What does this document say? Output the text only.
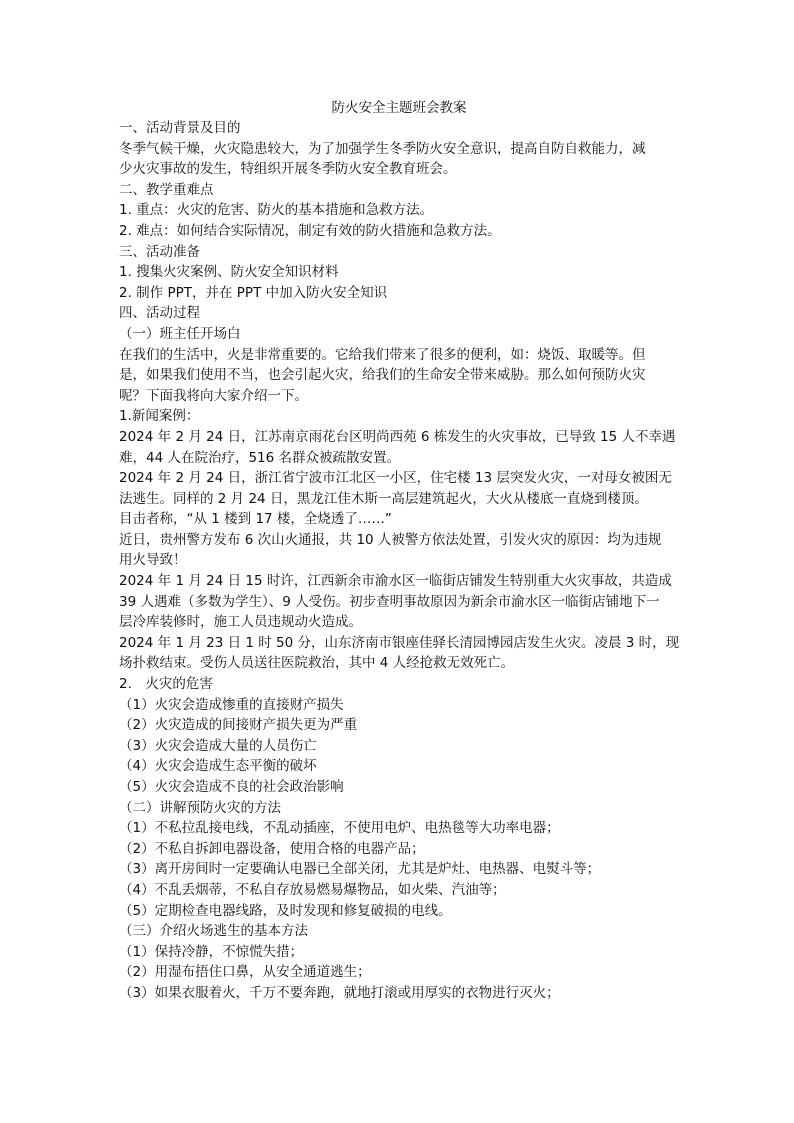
防火安全主题班会教案
一、活动背景及目的
冬季气候干燥，火灾隐患较大，为了加强学生冬季防火安全意识，提高自防自救能力，减
少火灾事故的发生，特组织开展冬季防火安全教育班会。
二、教学重难点
1. 重点：火灾的危害、防火的基本措施和急救方法。
2. 难点：如何结合实际情况，制定有效的防火措施和急救方法。
三、活动准备
1. 搜集火灾案例、防火安全知识材料
2. 制作 PPT，并在 PPT 中加入防火安全知识
四、活动过程
（一）班主任开场白
在我们的生活中，火是非常重要的。它给我们带来了很多的便利，如：烧饭、取暖等。但
是，如果我们使用不当，也会引起火灾，给我们的生命安全带来威胁。那么如何预防火灾
呢？下面我将向大家介绍一下。
1.新闻案例：
2024 年 2 月 24 日，江苏南京雨花台区明尚西苑 6 栋发生的火灾事故，已导致 15 人不幸遇
难，44 人在院治疗，516 名群众被疏散安置。
2024 年 2 月 24 日，浙江省宁波市江北区一小区，住宅楼 13 层突发火灾，一对母女被困无
法逃生。同样的 2 月 24 日，黑龙江佳木斯一高层建筑起火，大火从楼底一直烧到楼顶。
目击者称，“从 1 楼到 17 楼，全烧透了……”
近日，贵州警方发布 6 次山火通报，共 10 人被警方依法处置，引发火灾的原因：均为违规
用火导致！
2024 年 1 月 24 日 15 时许，江西新余市渝水区一临街店铺发生特别重大火灾事故，共造成
39 人遇难（多数为学生）、9 人受伤。初步查明事故原因为新余市渝水区一临街店铺地下一
层冷库装修时，施工人员违规动火造成。
2024 年 1 月 23 日 1 时 50 分，山东济南市银座佳驿长清园博园店发生火灾。凌晨 3 时，现
场扑救结束。受伤人员送往医院救治，其中 4 人经抢救无效死亡。
2.　火灾的危害
（1）火灾会造成惨重的直接财产损失
（2）火灾造成的间接财产损失更为严重
（3）火灾会造成大量的人员伤亡
（4）火灾会造成生态平衡的破坏
（5）火灾会造成不良的社会政治影响
（二）讲解预防火灾的方法
（1）不私拉乱接电线，不乱动插座，不使用电炉、电热毯等大功率电器；
（2）不私自拆卸电器设备，使用合格的电器产品；
（3）离开房间时一定要确认电器已全部关闭，尤其是炉灶、电热器、电熨斗等；
（4）不乱丢烟蒂，不私自存放易燃易爆物品，如火柴、汽油等；
（5）定期检查电器线路，及时发现和修复破损的电线。
（三）介绍火场逃生的基本方法
（1）保持冷静，不惊慌失措；
（2）用湿布捂住口鼻，从安全通道逃生；
（3）如果衣服着火，千万不要奔跑，就地打滚或用厚实的衣物进行灭火；
